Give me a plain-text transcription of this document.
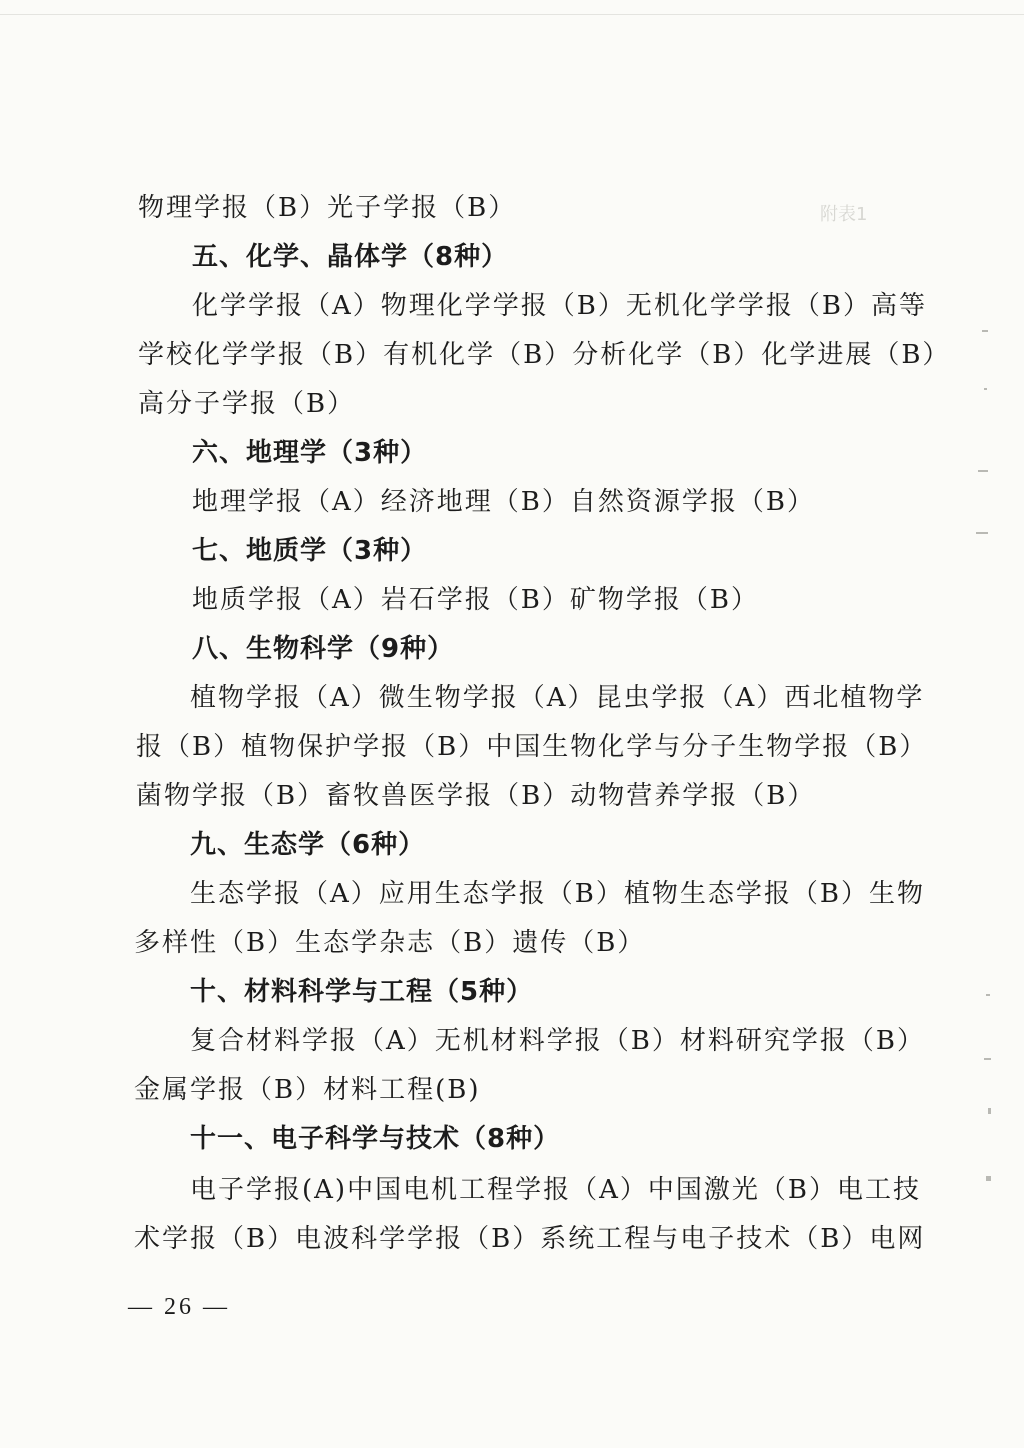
附表1
物理学报（B）光子学报（B）
五、化学、晶体学（8种）
化学学报（A）物理化学学报（B）无机化学学报（B）高等
学校化学学报（B）有机化学（B）分析化学（B）化学进展（B）
高分子学报（B）
六、地理学（3种）
地理学报（A）经济地理（B）自然资源学报（B）
七、地质学（3种）
地质学报（A）岩石学报（B）矿物学报（B）
八、生物科学（9种）
植物学报（A）微生物学报（A）昆虫学报（A）西北植物学
报（B）植物保护学报（B）中国生物化学与分子生物学报（B）
菌物学报（B）畜牧兽医学报（B）动物营养学报（B）
九、生态学（6种）
生态学报（A）应用生态学报（B）植物生态学报（B）生物
多样性（B）生态学杂志（B）遗传（B）
十、材料科学与工程（5种）
复合材料学报（A）无机材料学报（B）材料研究学报（B）
金属学报（B）材料工程(B)
十一、电子科学与技术（8种）
电子学报(A)中国电机工程学报（A）中国激光（B）电工技
术学报（B）电波科学学报（B）系统工程与电子技术（B）电网
— 26 —
